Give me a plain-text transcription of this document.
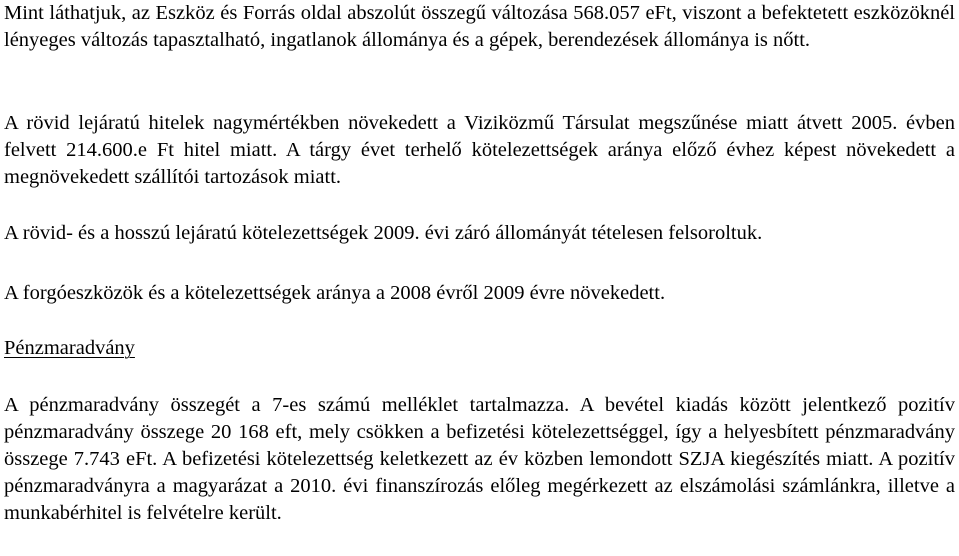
Mint láthatjuk, az Eszköz és Forrás oldal abszolút összegű változása 568.057 eFt, viszont a befektetett eszközöknél lényeges változás tapasztalható, ingatlanok állománya és a gépek, berendezések állománya is nőtt.

A rövid lejáratú hitelek nagymértékben növekedett a Viziközmű Társulat megszűnése miatt átvett 2005. évben felvett 214.600.e Ft hitel miatt. A tárgy évet terhelő kötelezettségek aránya előző évhez képest növekedett a megnövekedett szállítói tartozások miatt.

A rövid- és a hosszú lejáratú kötelezettségek 2009. évi záró állományát tételesen felsoroltuk.

A forgóeszközök és a kötelezettségek aránya a 2008 évről 2009 évre növekedett.

Pénzmaradvány

A pénzmaradvány összegét a 7-es számú melléklet tartalmazza. A bevétel kiadás között jelentkező pozitív pénzmaradvány összege 20 168 eft, mely csökken a befizetési kötelezettséggel, így a helyesbített pénzmaradvány összege 7.743 eFt. A befizetési kötelezettség keletkezett az év közben lemondott SZJA kiegészítés miatt. A pozitív pénzmaradványra a magyarázat a 2010. évi finanszírozás előleg megérkezett az elszámolási számlánkra, illetve a munkabérhitel is felvételre került.
